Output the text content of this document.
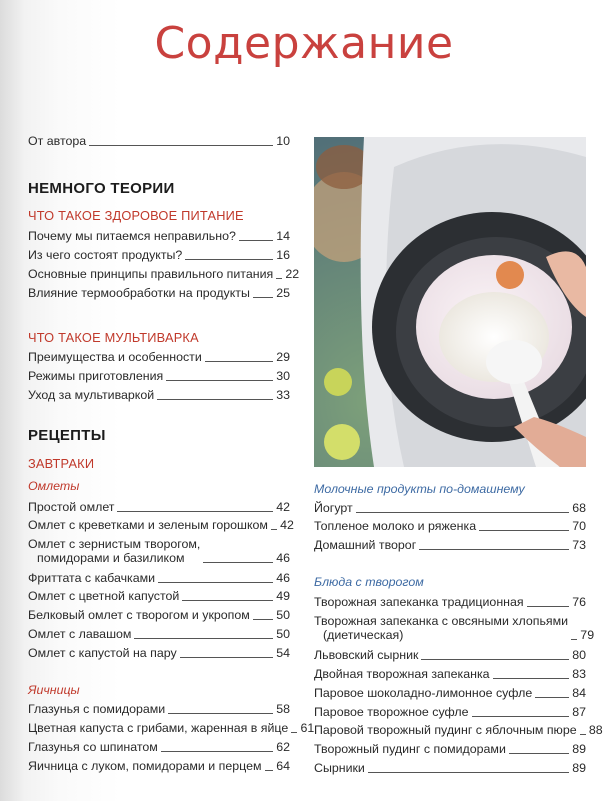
Содержание
От автора	10
НЕМНОГО ТЕОРИИ
ЧТО ТАКОЕ ЗДОРОВОЕ ПИТАНИЕ
Почему мы питаемся неправильно?	14
Из чего состоят продукты?	16
Основные принципы правильного питания 22
Влияние термообработки на продукты 25
ЧТО ТАКОЕ МУЛЬТИВАРКА
Преимущества и особенности	29
Режимы приготовления	30
Уход за мультиваркой	33
РЕЦЕПТЫ
ЗАВТРАКИ
Омлеты
Простой омлет	42
Омлет с креветками и зеленым горошком 42
Омлет с зернистым творогом,
помидорами и базиликом	46
Фриттата с кабачками	46
Омлет с цветной капустой	49
Белковый омлет с творогом и укропом 50
Омлет с лавашом	50
Омлет с капустой на пару	54
Яичницы
Глазунья с помидорами	58
Цветная капуста с грибами, жаренная в яйце 61
Глазунья со шпинатом	62
Яичница с луком, помидорами и перцем 64
Молочные продукты по-домашнему
Йогурт	68
Топленое молоко и ряженка	70
Домашний творог	73
Блюда с творогом
Творожная запеканка традиционная	76
Творожная запеканка с овсяными хлопьями
(диетическая)	79
Львовский сырник	80
Двойная творожная запеканка	83
Паровое шоколадно-лимонное суфле	84
Паровое творожное суфле	87
Паровой творожный пудинг с яблочным пюре 88
Творожный пудинг с помидорами	89
Сырники	89
